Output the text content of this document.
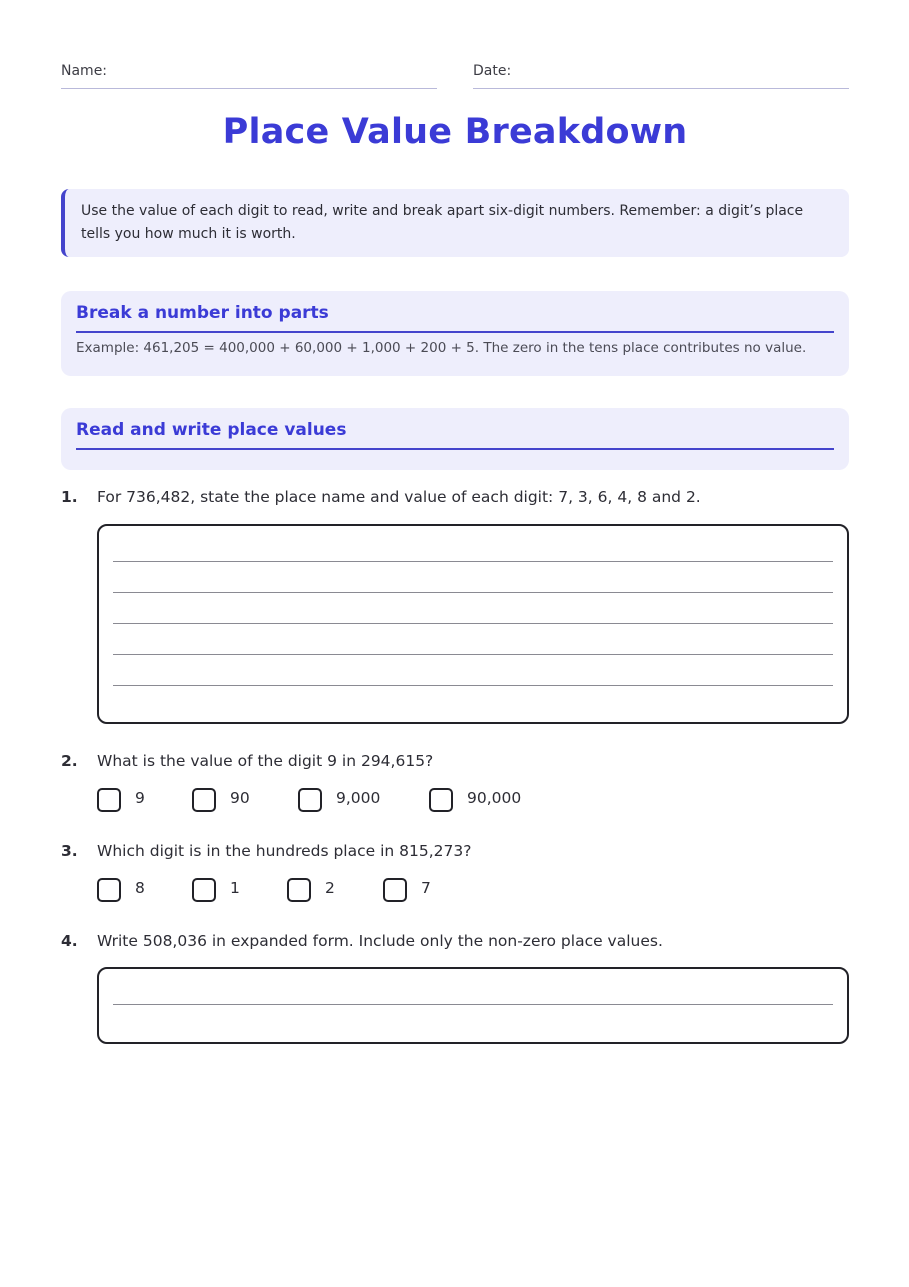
Name:	Date:
Place Value Breakdown
Use the value of each digit to read, write and break apart six-digit numbers. Remember: a digit’s place tells you how much it is worth.
Break a number into parts
Example: 461,205 = 400,000 + 60,000 + 1,000 + 200 + 5. The zero in the tens place contributes no value.
Read and write place values
1. For 736,482, state the place name and value of each digit: 7, 3, 6, 4, 8 and 2.
2. What is the value of the digit 9 in 294,615?
9	90	9,000	90,000
3. Which digit is in the hundreds place in 815,273?
8	1	2	7
4. Write 508,036 in expanded form. Include only the non-zero place values.
